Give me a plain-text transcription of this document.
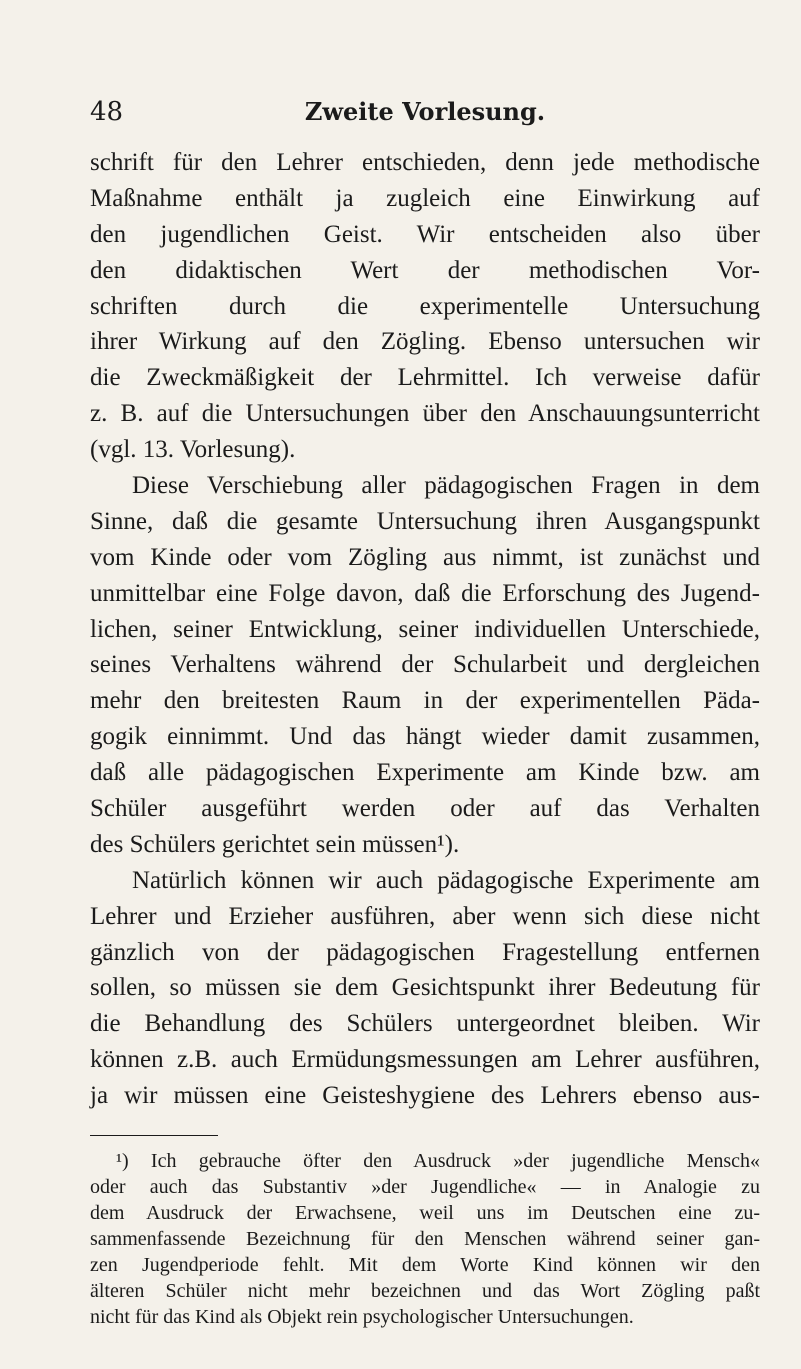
48	Zweite Vorlesung.
schrift für den Lehrer entschieden, denn jede methodische
Maßnahme enthält ja zugleich eine Einwirkung auf
den jugendlichen Geist. Wir entscheiden also über
den didaktischen Wert der methodischen Vor-
schriften durch die experimentelle Untersuchung
ihrer Wirkung auf den Zögling. Ebenso untersuchen wir
die Zweckmäßigkeit der Lehrmittel. Ich verweise dafür
z. B. auf die Untersuchungen über den Anschauungsunterricht
(vgl. 13. Vorlesung).
Diese Verschiebung aller pädagogischen Fragen in dem
Sinne, daß die gesamte Untersuchung ihren Ausgangspunkt
vom Kinde oder vom Zögling aus nimmt, ist zunächst und
unmittelbar eine Folge davon, daß die Erforschung des Jugend-
lichen, seiner Entwicklung, seiner individuellen Unterschiede,
seines Verhaltens während der Schularbeit und dergleichen
mehr den breitesten Raum in der experimentellen Päda-
gogik einnimmt. Und das hängt wieder damit zusammen,
daß alle pädagogischen Experimente am Kinde bzw. am
Schüler ausgeführt werden oder auf das Verhalten
des Schülers gerichtet sein müssen¹).
Natürlich können wir auch pädagogische Experimente am
Lehrer und Erzieher ausführen, aber wenn sich diese nicht
gänzlich von der pädagogischen Fragestellung entfernen
sollen, so müssen sie dem Gesichtspunkt ihrer Bedeutung für
die Behandlung des Schülers untergeordnet bleiben. Wir
können z.B. auch Ermüdungsmessungen am Lehrer ausführen,
ja wir müssen eine Geisteshygiene des Lehrers ebenso aus-
¹) Ich gebrauche öfter den Ausdruck »der jugendliche Mensch«
oder auch das Substantiv »der Jugendliche« — in Analogie zu
dem Ausdruck der Erwachsene, weil uns im Deutschen eine zu-
sammenfassende Bezeichnung für den Menschen während seiner gan-
zen Jugendperiode fehlt. Mit dem Worte Kind können wir den
älteren Schüler nicht mehr bezeichnen und das Wort Zögling paßt
nicht für das Kind als Objekt rein psychologischer Untersuchungen.
